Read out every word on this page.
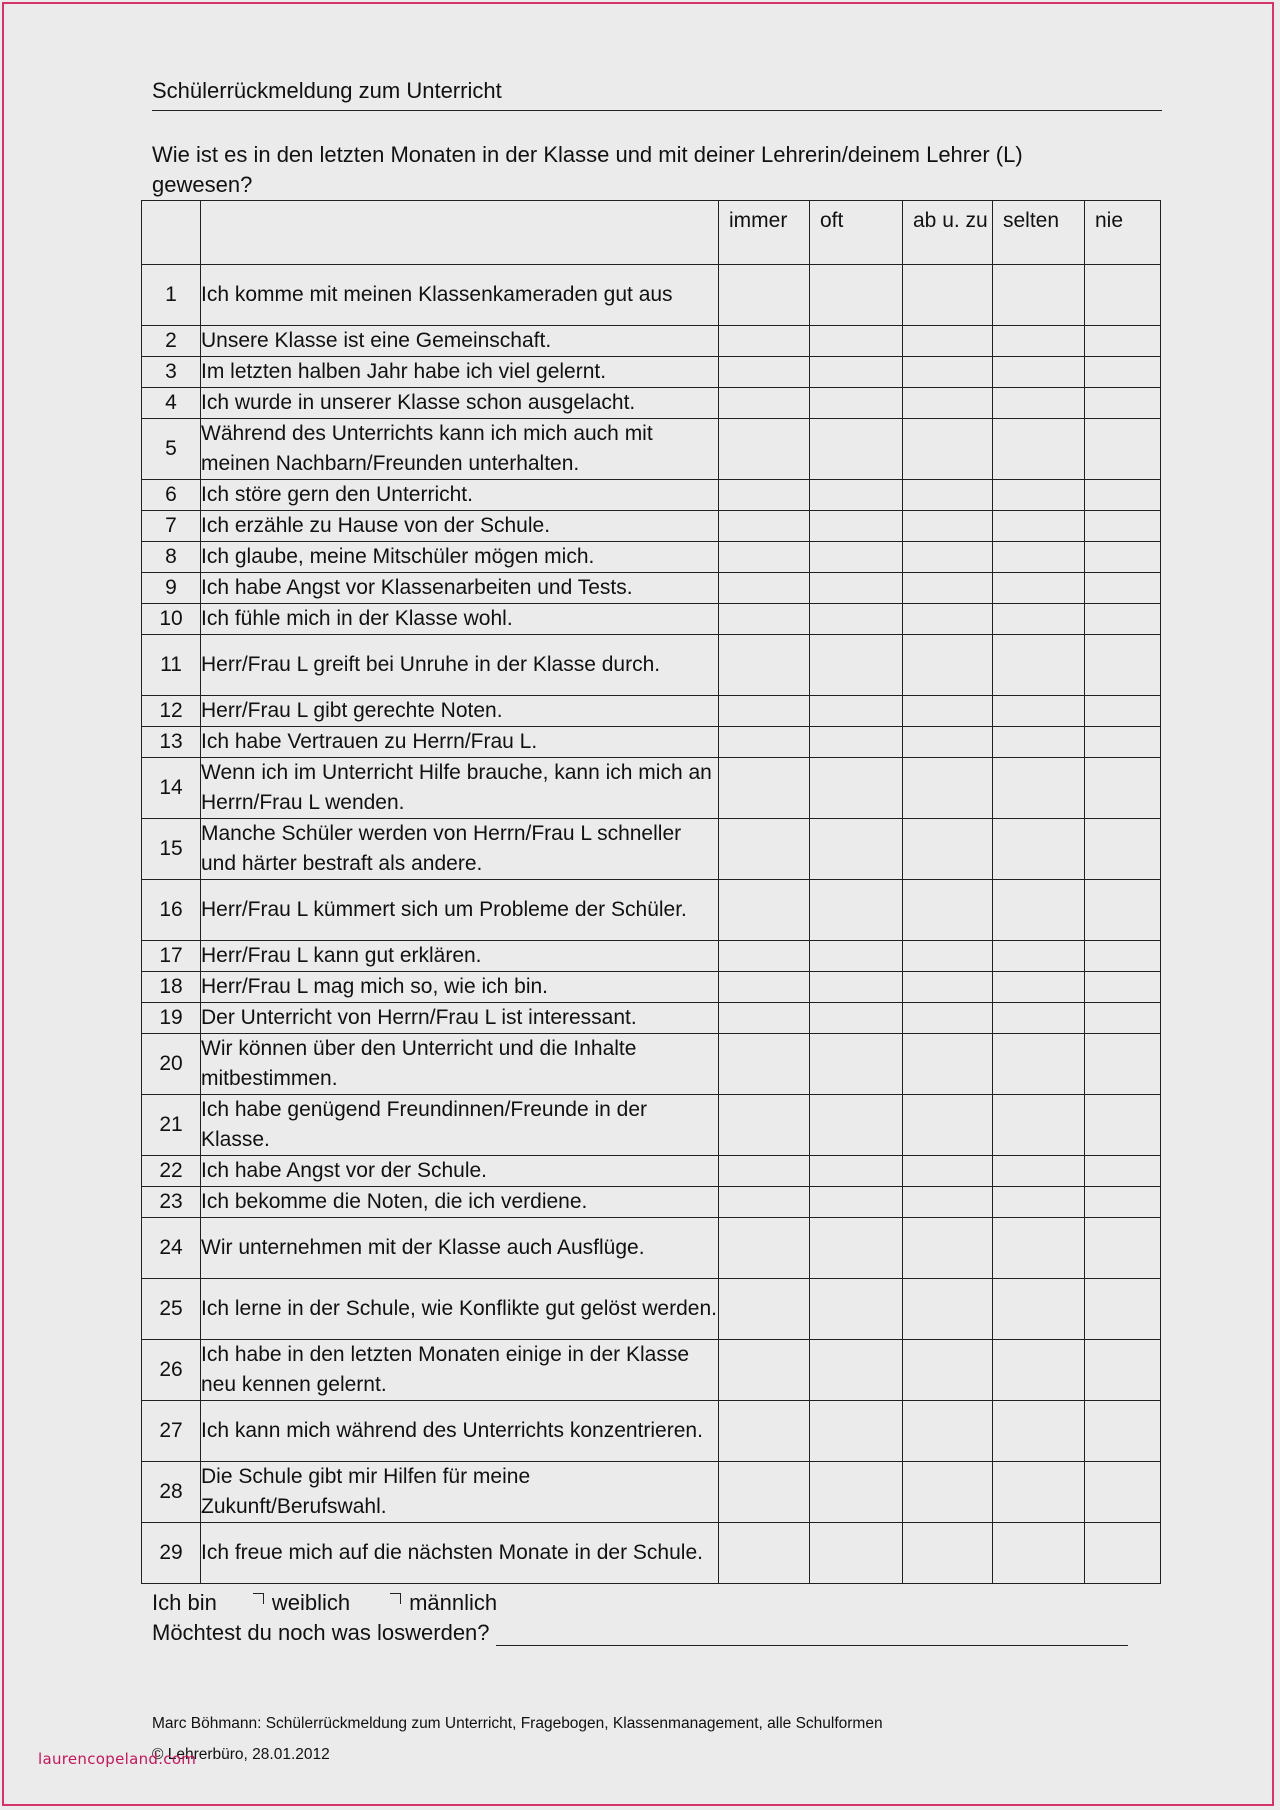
Schülerrückmeldung zum Unterricht
Wie ist es in den letzten Monaten in der Klasse und mit deiner Lehrerin/deinem Lehrer (L) gewesen?
		immer	oft	ab u. zu	selten	nie
1	Ich komme mit meinen Klassenkameraden gut aus					
2	Unsere Klasse ist eine Gemeinschaft.					
3	Im letzten halben Jahr habe ich viel gelernt.					
4	Ich wurde in unserer Klasse schon ausgelacht.					
5	Während des Unterrichts kann ich mich auch mit meinen Nachbarn/Freunden unterhalten.					
6	Ich störe gern den Unterricht.					
7	Ich erzähle zu Hause von der Schule.					
8	Ich glaube, meine Mitschüler mögen mich.					
9	Ich habe Angst vor Klassenarbeiten und Tests.					
10	Ich fühle mich in der Klasse wohl.					
11	Herr/Frau L greift bei Unruhe in der Klasse durch.					
12	Herr/Frau L gibt gerechte Noten.					
13	Ich habe Vertrauen zu Herrn/Frau L.					
14	Wenn ich im Unterricht Hilfe brauche, kann ich mich an Herrn/Frau L wenden.					
15	Manche Schüler werden von Herrn/Frau L schneller und härter bestraft als andere.					
16	Herr/Frau L kümmert sich um Probleme der Schüler.					
17	Herr/Frau L kann gut erklären.					
18	Herr/Frau L mag mich so, wie ich bin.					
19	Der Unterricht von Herrn/Frau L ist interessant.					
20	Wir können über den Unterricht und die Inhalte mitbestimmen.					
21	Ich habe genügend Freundinnen/Freunde in der Klasse.					
22	Ich habe Angst vor der Schule.					
23	Ich bekomme die Noten, die ich verdiene.					
24	Wir unternehmen mit der Klasse auch Ausflüge.					
25	Ich lerne in der Schule, wie Konflikte gut gelöst werden.					
26	Ich habe in den letzten Monaten einige in der Klasse neu kennen gelernt.					
27	Ich kann mich während des Unterrichts konzentrieren.					
28	Die Schule gibt mir Hilfen für meine Zukunft/Berufswahl.					
29	Ich freue mich auf die nächsten Monate in der Schule.					
Ich bin	weiblich	männlich
Möchtest du noch was loswerden?
Marc Böhmann: Schülerrückmeldung zum Unterricht, Fragebogen, Klassenmanagement, alle Schulformen
© Lehrerbüro, 28.01.2012
laurencopeland.com
